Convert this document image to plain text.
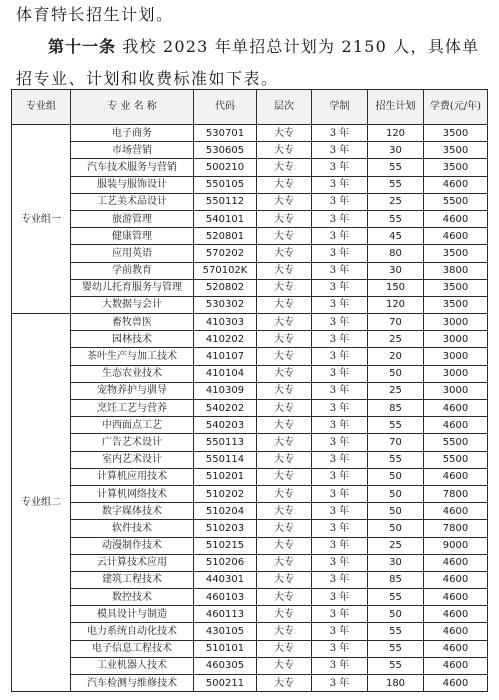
体育特长招生计划。
第十一条 我校 2023 年单招总计划为 2150 人，具体单
招专业、计划和收费标准如下表。
专业组	专 业 名 称	代码	层次	学制	招生计划	学费(元/年)
专业组一	电子商务	530701	大专	3 年	120	3500
	市场营销	530605	大专	3 年	30	3500
	汽车技术服务与营销	500210	大专	3 年	55	3500
	服装与服饰设计	550105	大专	3 年	55	4600
	工艺美术品设计	550112	大专	3 年	25	5500
	旅游管理	540101	大专	3 年	55	4600
	健康管理	520801	大专	3 年	45	4600
	应用英语	570202	大专	3 年	80	3500
	学前教育	570102K	大专	3 年	30	3800
	婴幼儿托育服务与管理	520802	大专	3 年	150	3500
	大数据与会计	530302	大专	3 年	120	3500
专业组二	畜牧兽医	410303	大专	3 年	70	3000
	园林技术	410202	大专	3 年	25	3000
	茶叶生产与加工技术	410107	大专	3 年	20	3000
	生态农业技术	410104	大专	3 年	50	3000
	宠物养护与驯导	410309	大专	3 年	25	3000
	烹饪工艺与营养	540202	大专	3 年	85	4600
	中西面点工艺	540203	大专	3 年	55	4600
	广告艺术设计	550113	大专	3 年	70	5500
	室内艺术设计	550114	大专	3 年	55	5500
	计算机应用技术	510201	大专	3 年	50	4600
	计算机网络技术	510202	大专	3 年	50	7800
	数字媒体技术	510204	大专	3 年	50	4600
	软件技术	510203	大专	3 年	50	7800
	动漫制作技术	510215	大专	3 年	25	9000
	云计算技术应用	510206	大专	3 年	30	4600
	建筑工程技术	440301	大专	3 年	85	4600
	数控技术	460103	大专	3 年	55	4600
	模具设计与制造	460113	大专	3 年	50	4600
	电力系统自动化技术	430105	大专	3 年	55	4600
	电子信息工程技术	510101	大专	3 年	55	4600
	工业机器人技术	460305	大专	3 年	55	4600
	汽车检测与维修技术	500211	大专	3 年	180	4600
